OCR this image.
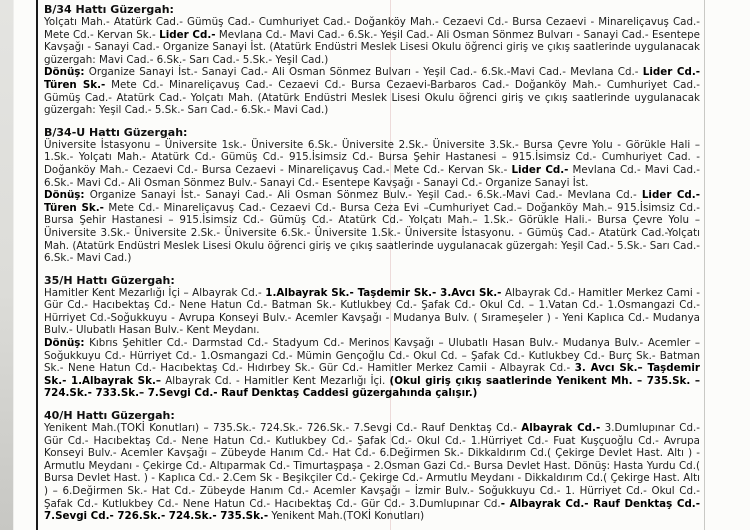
B/34 Hattı Güzergah:

Yolçatı Mah.- Atatürk Cad.- Gümüş Cad.- Cumhuriyet Cad.- Doğanköy Mah.- Cezaevi Cd.- Bursa Cezaevi - Minareliçavuş Cad.- Mete Cd.- Kervan Sk.- Lider Cd.- Mevlana Cd.- Mavi Cad.- 6.Sk.- Yeşil Cad.- Ali Osman Sönmez Bulvarı - Sanayi Cad.- Esentepe Kavşağı - Sanayi Cad.- Organize Sanayi İst. (Atatürk Endüstri Meslek Lisesi Okulu öğrenci giriş ve çıkış saatlerinde uygulanacak güzergah: Mavi Cad.- 6.Sk.- Sarı Cad.- 5.Sk.- Yeşil Cad.)

Dönüş: Organize Sanayi İst.- Sanayi Cad.- Ali Osman Sönmez Bulvarı - Yeşil Cad.- 6.Sk.-Mavi Cad.- Mevlana Cd.- Lider Cd.- Türen Sk.- Mete Cd.- Minareliçavuş Cad.- Cezaevi Cd.- Bursa Cezaevi-Barbaros Cad.- Doğanköy Mah.- Cumhuriyet Cad.- Gümüş Cad.- Atatürk Cad.- Yolçatı Mah. (Atatürk Endüstri Meslek Lisesi Okulu öğrenci giriş ve çıkış saatlerinde uygulanacak güzergah: Yeşil Cad.- 5.Sk.- Sarı Cad.- 6.Sk.- Mavi Cad.)

B/34-U Hattı Güzergah:

Üniversite İstasyonu – Üniversite 1sk.- Üniversite 6.Sk.- Üniversite 2.Sk.- Üniversite 3.Sk.- Bursa Çevre Yolu - Görükle Hali – 1.Sk.- Yolçatı Mah.- Atatürk Cd.- Gümüş Cd.- 915.İsimsiz Cd.- Bursa Şehir Hastanesi – 915.İsimsiz Cd.- Cumhuriyet Cad. - Doğanköy Mah.- Cezaevi Cd.- Bursa Cezaevi - Minareliçavuş Cad.- Mete Cd.- Kervan Sk.- Lider Cd.- Mevlana Cd.- Mavi Cad.- 6.Sk.- Mavi Cd.- Ali Osman Sönmez Bulv.- Sanayi Cd.- Esentepe Kavşağı - Sanayi Cd.- Organize Sanayi İst.

Dönüş: Organize Sanayi İst.- Sanayi Cad.- Ali Osman Sönmez Bulv.- Yeşil Cad.- 6.Sk.-Mavi Cad.- Mevlana Cd.- Lider Cd.- Türen Sk.- Mete Cd.- Minareliçavuş Cad.- Cezaevi Cd.- Bursa Ceza Evi –Cumhuriyet Cad.– Doğanköy Mah.– 915.İsimsiz Cd.- Bursa Şehir Hastanesi – 915.İsimsiz Cd.- Gümüş Cd.- Atatürk Cd.- Yolçatı Mah.– 1.Sk.- Görükle Hali.- Bursa Çevre Yolu – Üniversite 3.Sk.- Üniversite 2.Sk.- Üniversite 6.Sk.- Üniversite 1.Sk.- Üniversite İstasyonu. - Gümüş Cad.- Atatürk Cad.-Yolçatı Mah. (Atatürk Endüstri Meslek Lisesi Okulu öğrenci giriş ve çıkış saatlerinde uygulanacak güzergah: Yeşil Cad.- 5.Sk.- Sarı Cad.- 6.Sk.- Mavi Cad.)

35/H Hattı Güzergah:

Hamitler Kent Mezarlığı İçi – Albayrak Cd.- 1.Albayrak Sk.- Taşdemir Sk.- 3.Avcı Sk.- Albayrak Cd.- Hamitler Merkez Cami - Gür Cd.- Hacıbektaş Cd.- Nene Hatun Cd.- Batman Sk.- Kutlukbey Cd.- Şafak Cd.- Okul Cd. – 1.Vatan Cd.- 1.Osmangazi Cd.- Hürriyet Cd.-Soğukkuyu - Avrupa Konseyi Bulv.- Acemler Kavşağı - Mudanya Bulv. ( Sırameşeler ) - Yeni Kaplıca Cd.- Mudanya Bulv.- Ulubatlı Hasan Bulv.- Kent Meydanı.

Dönüş: Kıbrıs Şehitler Cd.- Darmstad Cd.- Stadyum Cd.- Merinos Kavşağı – Ulubatlı Hasan Bulv.- Mudanya Bulv.- Acemler – Soğukkuyu Cd.- Hürriyet Cd.- 1.Osmangazi Cd.- Mümin Gençoğlu Cd.- Okul Cd. – Şafak Cd.- Kutlukbey Cd.- Burç Sk.- Batman Sk.- Nene Hatun Cd.- Hacıbektaş Cd.- Hıdırbey Sk.- Gür Cd.- Hamitler Merkez Camii - Albayrak Cd.- 3. Avcı Sk.– Taşdemir Sk.- 1.Albayrak Sk.– Albayrak Cd. - Hamitler Kent Mezarlığı İçi. (Okul giriş çıkış saatlerinde Yenikent Mh. – 735.Sk. – 724.Sk.- 733.Sk.– 7.Sevgi Cd.- Rauf Denktaş Caddesi güzergahında çalışır.)

40/H Hattı Güzergah:

Yenikent Mah.(TOKİ Konutları) – 735.Sk.- 724.Sk.- 726.Sk.- 7.Sevgi Cd.- Rauf Denktaş Cd.- Albayrak Cd.- 3.Dumlupınar Cd.- Gür Cd.- Hacıbektaş Cd.- Nene Hatun Cd.- Kutlukbey Cd.- Şafak Cd.- Okul Cd.- 1.Hürriyet Cd.- Fuat Kuşçuoğlu Cd.- Avrupa Konseyi Bulv.- Acemler Kavşağı – Zübeyde Hanım Cd.- Hat Cd.- 6.Değirmen Sk.- Dikkaldırım Cd.( Çekirge Devlet Hast. Altı ) - Armutlu Meydanı - Çekirge Cd.- Altıparmak Cd.- Timurtaşpaşa - 2.Osman Gazi Cd.- Bursa Devlet Hast. Dönüş: Hasta Yurdu Cd.( Bursa Devlet Hast. ) - Kaplıca Cd.- 2.Cem Sk - Beşikçiler Cd.- Çekirge Cd.- Armutlu Meydanı - Dikkaldırım Cd.( Çekirge Hast. Altı ) – 6.Değirmen Sk.- Hat Cd.- Zübeyde Hanım Cd.- Acemler Kavşağı – İzmir Bulv.- Soğukkuyu Cd.- 1. Hürriyet Cd.- Okul Cd.- Şafak Cd.- Kutlukbey Cd.- Nene Hatun Cd.- Hacıbektaş Cd.- Gür Cd.- 3.Dumlupınar Cd.- Albayrak Cd.- Rauf Denktaş Cd.- 7.Sevgi Cd.- 726.Sk.- 724.Sk.- 735.Sk.- Yenikent Mah.(TOKİ Konutları)
